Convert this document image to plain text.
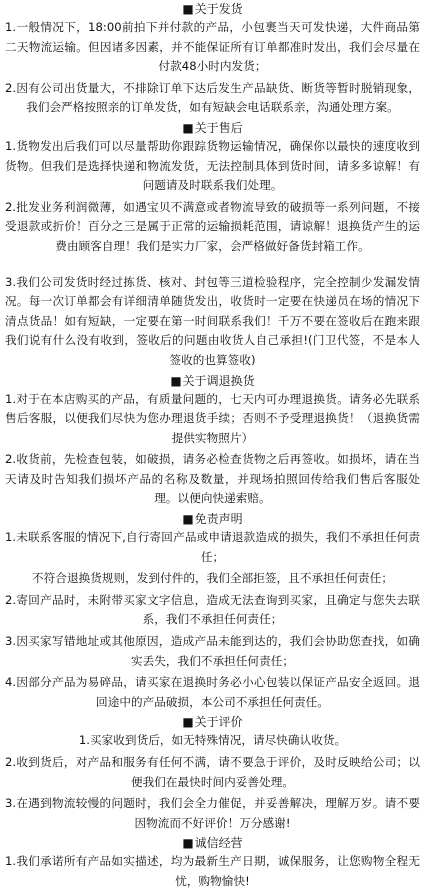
■关于发货

1.一般情况下，18:00前拍下并付款的产品，小包裹当天可发快递，大件商品第二天物流运输。但因诸多因素，并不能保证所有订单都准时发出，我们会尽量在付款48小时内发货；

2.因有公司出货量大，不排除订单下达后发生产品缺货、断货等暂时脱销现象，我们会严格按照亲的订单发货，如有短缺会电话联系亲，沟通处理方案。

■关于售后

1.货物发出后我们可以尽量帮助你跟踪货物运输情况，确保你以最快的速度收到货物。但我们是选择快递和物流发货，无法控制具体到货时间，请多多谅解！有问题请及时联系我们处理。

2.批发业务利润微薄，如遇宝贝不满意或者物流导致的破损等一系列问题，不接受退款或折价！百分之三是属于正常的运输损耗范围，请谅解！退换货产生的运费由顾客自理！我们是实力厂家，会严格做好备货封箱工作。

3.我们公司发货时经过拣货、核对、封包等三道检验程序，完全控制少发漏发情况。每一次订单都会有详细清单随货发出，收货时一定要在快递员在场的情况下清点货品！如有短缺，一定要在第一时间联系我们！千万不要在签收后在跑来跟我们说有什么没有收到，签收后的问题由收货人自己承担!(门卫代签，不是本人签收的也算签收)

■关于调退换货

1.对于在本店购买的产品，有质量问题的，七天内可办理退换货。请务必先联系售后客服，以便我们尽快为您办理退货手续；否则不予受理退换货！（退换货需提供实物照片）

2.收货前，先检查包装，如破损，请务必检查货物之后再签收。如损坏，请在当天请及时告知我们损坏产品的名称及数量，并现场拍照回传给我们售后客服处理。以便向快递索赔。

■免责声明

1.未联系客服的情况下,自行寄回产品或申请退款造成的损失，我们不承担任何责任；

不符合退换货规则，发到付件的，我们全部拒签，且不承担任何责任；

2.寄回产品时，未附带买家文字信息，造成无法查询到买家，且确定与您失去联系，我们不承担任何责任；

3.因买家写错地址或其他原因，造成产品未能到达的，我们会协助您查找，如确实丢失，我们不承担任何责任；

4.因部分产品为易碎品，请买家在退换时务必小心包装以保证产品安全返回。退回途中的产品破损，本公司不承担任何责任。

■关于评价

1.买家收到货后，如无特殊情况，请尽快确认收货。

2.收到货后，对产品和服务有任何不满，请不要急于评价，及时反映给公司；以便我们在最快时间内妥善处理。

3.在遇到物流较慢的问题时，我们会全力催促，并妥善解决，理解万岁。请不要因物流而不好评价！万分感谢!

■诚信经营

1.我们承诺所有产品如实描述，均为最新生产日期，诚保服务，让您购物全程无忧，购物愉快!
